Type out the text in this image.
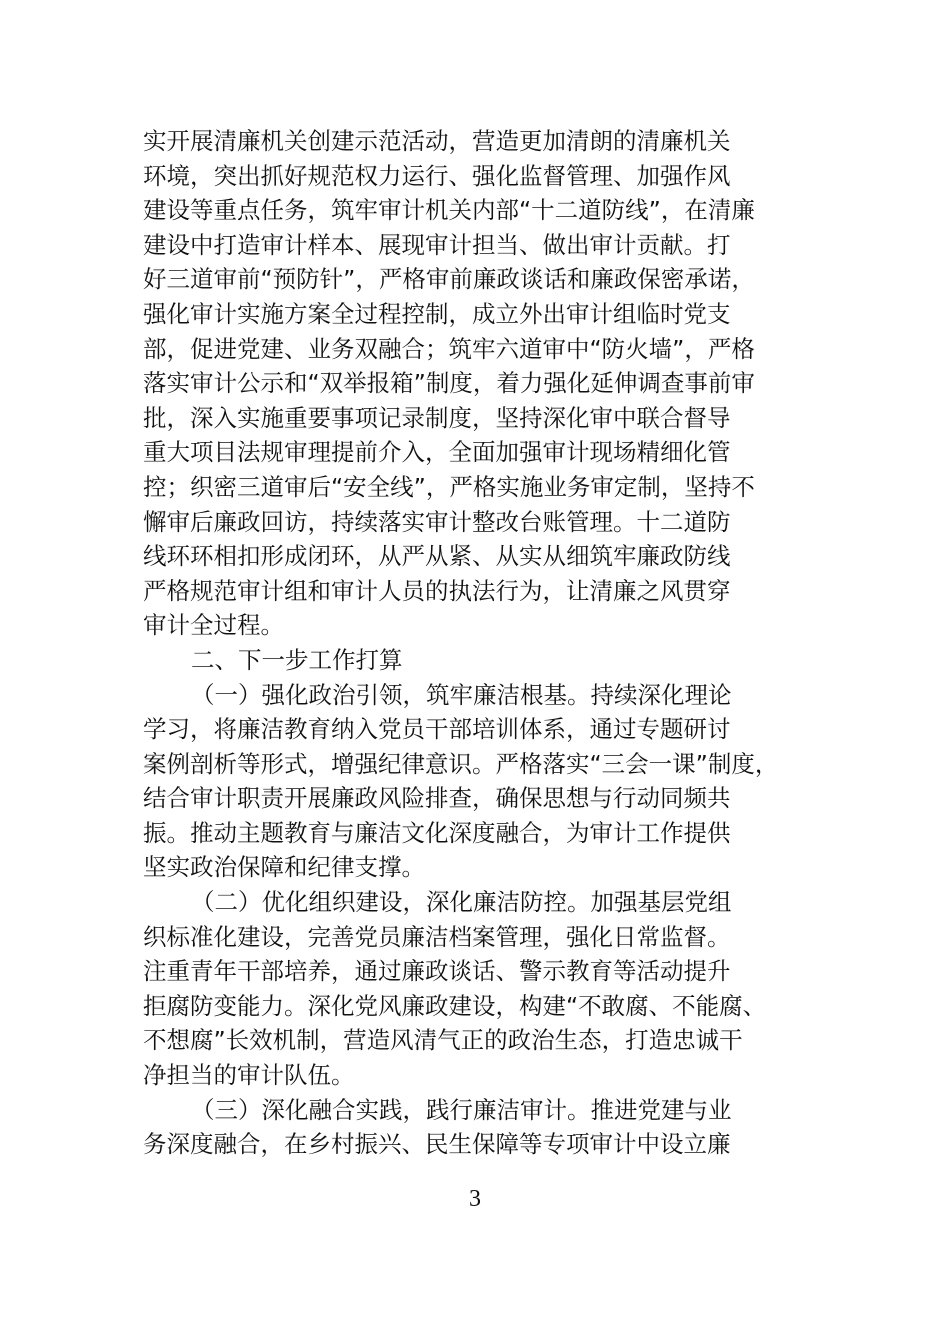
实开展清廉机关创建示范活动，营造更加清朗的清廉机关
环境，突出抓好规范权力运行、强化监督管理、加强作风
建设等重点任务，筑牢审计机关内部“十二道防线”，在清廉
建设中打造审计样本、展现审计担当、做出审计贡献。打
好三道审前“预防针”，严格审前廉政谈话和廉政保密承诺，
强化审计实施方案全过程控制，成立外出审计组临时党支
部，促进党建、业务双融合；筑牢六道审中“防火墙”，严格
落实审计公示和“双举报箱”制度，着力强化延伸调查事前审
批，深入实施重要事项记录制度，坚持深化审中联合督导
重大项目法规审理提前介入，全面加强审计现场精细化管
控；织密三道审后“安全线”，严格实施业务审定制，坚持不
懈审后廉政回访，持续落实审计整改台账管理。十二道防
线环环相扣形成闭环，从严从紧、从实从细筑牢廉政防线
严格规范审计组和审计人员的执法行为，让清廉之风贯穿
审计全过程。
二、下一步工作打算
（一）强化政治引领，筑牢廉洁根基。持续深化理论
学习，将廉洁教育纳入党员干部培训体系，通过专题研讨
案例剖析等形式，增强纪律意识。严格落实“三会一课”制度，
结合审计职责开展廉政风险排查，确保思想与行动同频共
振。推动主题教育与廉洁文化深度融合，为审计工作提供
坚实政治保障和纪律支撑。
（二）优化组织建设，深化廉洁防控。加强基层党组
织标准化建设，完善党员廉洁档案管理，强化日常监督。
注重青年干部培养，通过廉政谈话、警示教育等活动提升
拒腐防变能力。深化党风廉政建设，构建“不敢腐、不能腐、
不想腐”长效机制，营造风清气正的政治生态，打造忠诚干
净担当的审计队伍。
（三）深化融合实践，践行廉洁审计。推进党建与业
务深度融合，在乡村振兴、民生保障等专项审计中设立廉
3
